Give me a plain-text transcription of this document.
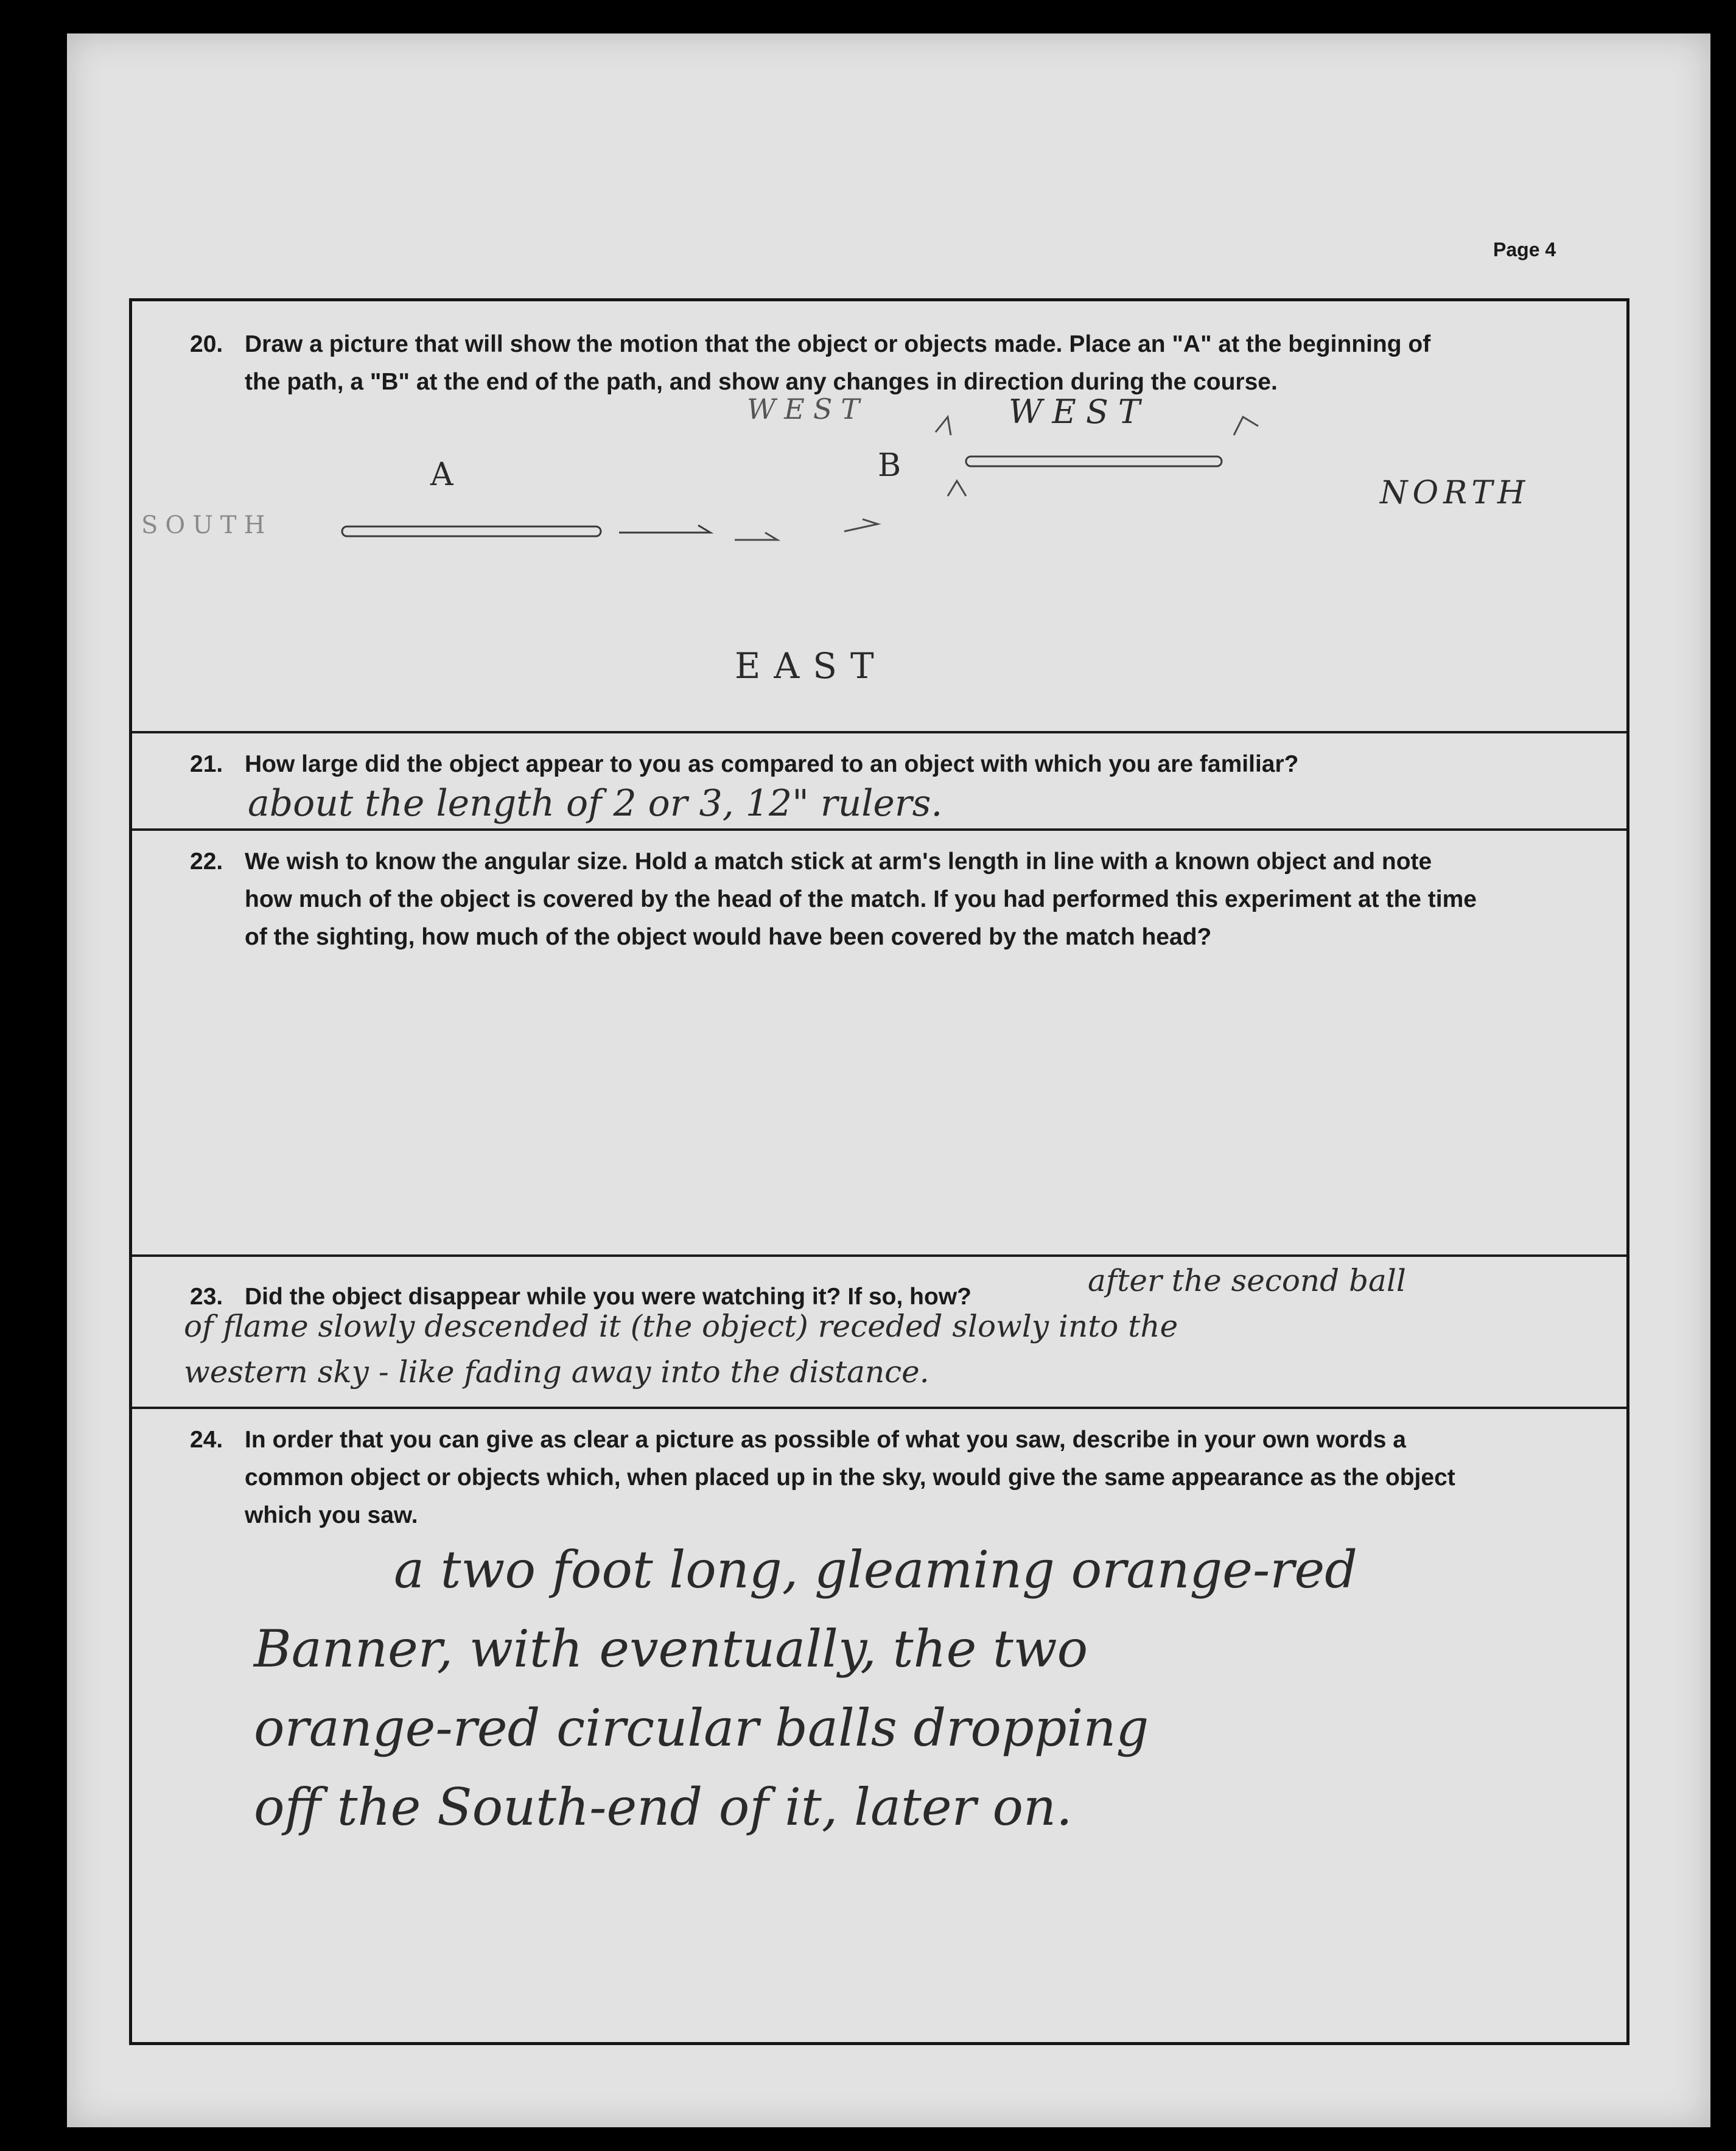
Page 4
20. Draw a picture that will show the motion that the object or objects made. Place an "A" at the beginning of
the path, a "B" at the end of the path, and show any changes in direction during the course.
A	B
WEST	WEST
NORTH
EAST
SOUTH
21. How large did the object appear to you as compared to an object with which you are familiar?
about the length of 2 or 3, 12" rulers.
22. We wish to know the angular size. Hold a match stick at arm's length in line with a known object and note
how much of the object is covered by the head of the match. If you had performed this experiment at the time
of the sighting, how much of the object would have been covered by the match head?
23. Did the object disappear while you were watching it? If so, how?	after the second ball
of flame slowly descended it (the object) receded slowly into the
western sky - like fading away into the distance.
24. In order that you can give as clear a picture as possible of what you saw, describe in your own words a
common object or objects which, when placed up in the sky, would give the same appearance as the object
which you saw.
a two foot long, gleaming orange-red
Banner, with eventually, the two
orange-red circular balls dropping
off the South-end of it, later on.
